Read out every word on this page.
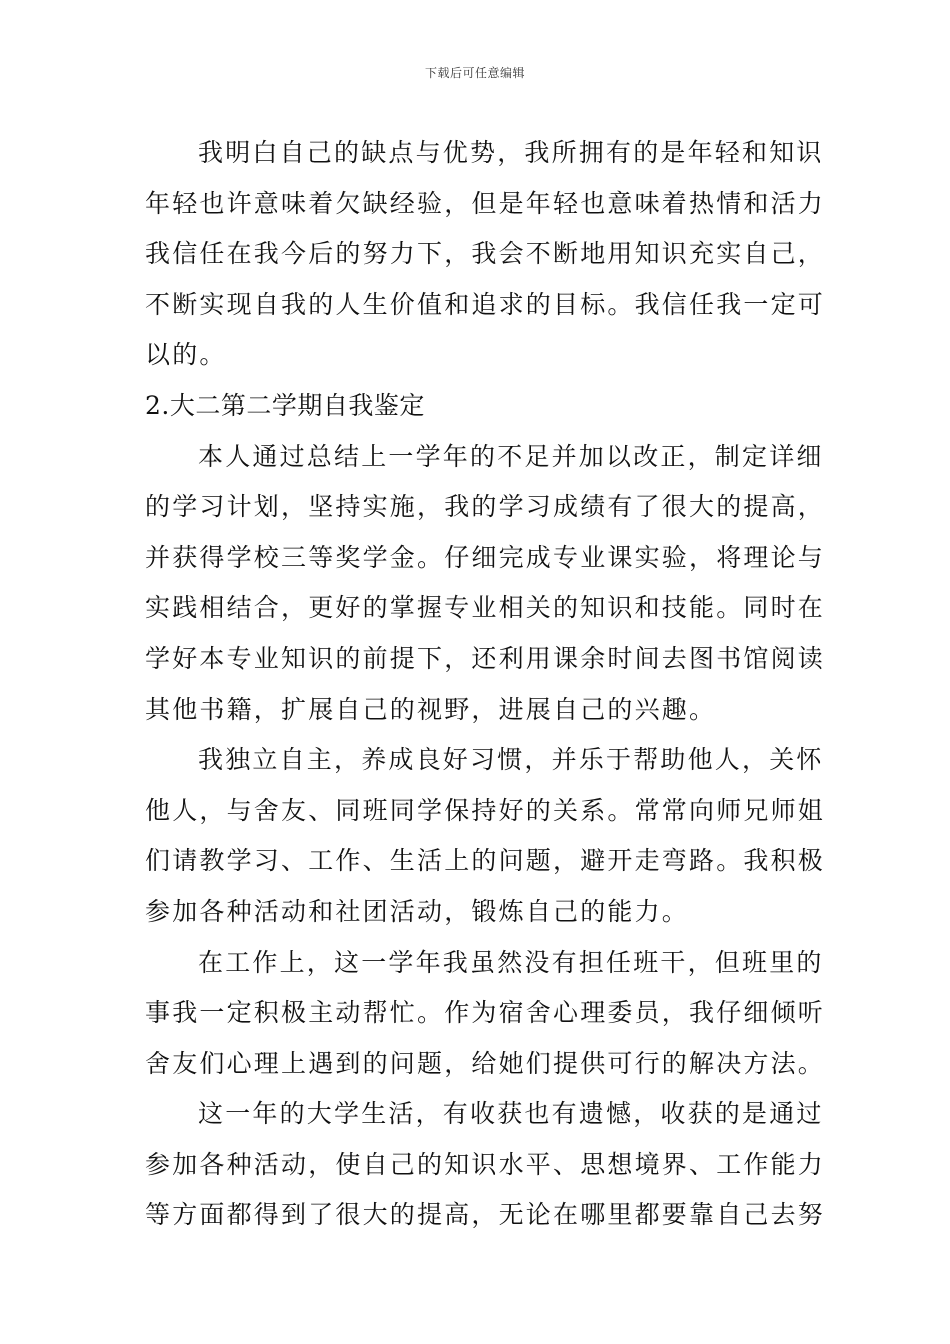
下载后可任意编辑
我明白自己的缺点与优势，我所拥有的是年轻和知识
年轻也许意味着欠缺经验，但是年轻也意味着热情和活力
我信任在我今后的努力下，我会不断地用知识充实自己，
不断实现自我的人生价值和追求的目标。我信任我一定可
以的。
2.大二第二学期自我鉴定
本人通过总结上一学年的不足并加以改正，制定详细
的学习计划，坚持实施，我的学习成绩有了很大的提高，
并获得学校三等奖学金。仔细完成专业课实验，将理论与
实践相结合，更好的掌握专业相关的知识和技能。同时在
学好本专业知识的前提下，还利用课余时间去图书馆阅读
其他书籍，扩展自己的视野，进展自己的兴趣。
我独立自主，养成良好习惯，并乐于帮助他人，关怀
他人，与舍友、同班同学保持好的关系。常常向师兄师姐
们请教学习、工作、生活上的问题，避开走弯路。我积极
参加各种活动和社团活动，锻炼自己的能力。
在工作上，这一学年我虽然没有担任班干，但班里的
事我一定积极主动帮忙。作为宿舍心理委员，我仔细倾听
舍友们心理上遇到的问题，给她们提供可行的解决方法。
这一年的大学生活，有收获也有遗憾，收获的是通过
参加各种活动，使自己的知识水平、思想境界、工作能力
等方面都得到了很大的提高，无论在哪里都要靠自己去努
